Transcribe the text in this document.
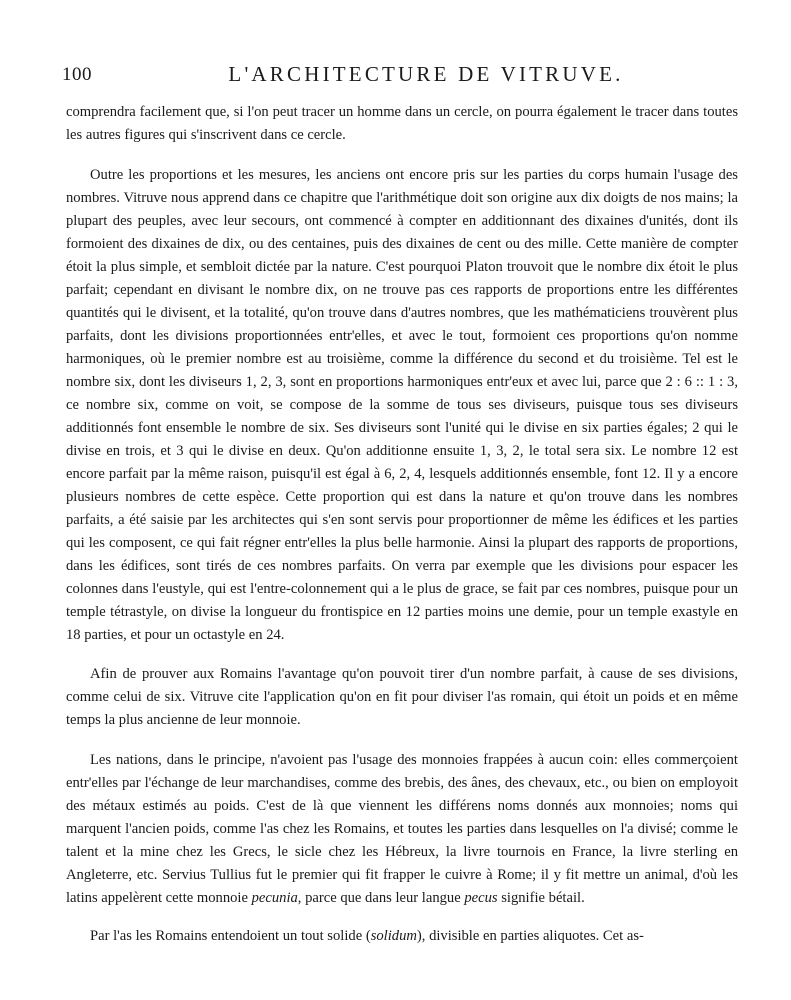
100	L'ARCHITECTURE DE VITRUVE.

comprendra facilement que, si l'on peut tracer un homme dans un cercle, on pourra également le tracer dans toutes les autres figures qui s'inscrivent dans ce cercle.

Outre les proportions et les mesures, les anciens ont encore pris sur les parties du corps humain l'usage des nombres. Vitruve nous apprend dans ce chapitre que l'arithmétique doit son origine aux dix doigts de nos mains; la plupart des peuples, avec leur secours, ont commencé à compter en additionnant des dixaines d'unités, dont ils formoient des dixaines de dix, ou des centaines, puis des dixaines de cent ou des mille. Cette manière de compter étoit la plus simple, et sembloit dictée par la nature. C'est pourquoi Platon trouvoit que le nombre dix étoit le plus parfait; cependant en divisant le nombre dix, on ne trouve pas ces rapports de proportions entre les différentes quantités qui le divisent, et la totalité, qu'on trouve dans d'autres nombres, que les mathématiciens trouvèrent plus parfaits, dont les divisions proportionnées entr'elles, et avec le tout, formoient ces proportions qu'on nomme harmoniques, où le premier nombre est au troisième, comme la différence du second et du troisième. Tel est le nombre six, dont les diviseurs 1, 2, 3, sont en proportions harmoniques entr'eux et avec lui, parce que 2 : 6 :: 1 : 3, ce nombre six, comme on voit, se compose de la somme de tous ses diviseurs, puisque tous ses diviseurs additionnés font ensemble le nombre de six. Ses diviseurs sont l'unité qui le divise en six parties égales; 2 qui le divise en trois, et 3 qui le divise en deux. Qu'on additionne ensuite 1, 3, 2, le total sera six. Le nombre 12 est encore parfait par la même raison, puisqu'il est égal à 6, 2, 4, lesquels additionnés ensemble, font 12. Il y a encore plusieurs nombres de cette espèce. Cette proportion qui est dans la nature et qu'on trouve dans les nombres parfaits, a été saisie par les architectes qui s'en sont servis pour proportionner de même les édifices et les parties qui les composent, ce qui fait régner entr'elles la plus belle harmonie. Ainsi la plupart des rapports de proportions, dans les édifices, sont tirés de ces nombres parfaits. On verra par exemple que les divisions pour espacer les colonnes dans l'eustyle, qui est l'entre-colonnement qui a le plus de grace, se fait par ces nombres, puisque pour un temple tétrastyle, on divise la longueur du frontispice en 12 parties moins une demie, pour un temple exastyle en 18 parties, et pour un octastyle en 24.

Afin de prouver aux Romains l'avantage qu'on pouvoit tirer d'un nombre parfait, à cause de ses divisions, comme celui de six. Vitruve cite l'application qu'on en fit pour diviser l'as romain, qui étoit un poids et en même temps la plus ancienne de leur monnoie.

Les nations, dans le principe, n'avoient pas l'usage des monnoies frappées à aucun coin: elles commerçoient entr'elles par l'échange de leur marchandises, comme des brebis, des ânes, des chevaux, etc., ou bien on employoit des métaux estimés au poids. C'est de là que viennent les différens noms donnés aux monnoies; noms qui marquent l'ancien poids, comme l'as chez les Romains, et toutes les parties dans lesquelles on l'a divisé; comme le talent et la mine chez les Grecs, le sicle chez les Hébreux, la livre tournois en France, la livre sterling en Angleterre, etc. Servius Tullius fut le premier qui fit frapper le cuivre à Rome; il y fit mettre un animal, d'où les latins appelèrent cette monnoie pecunia, parce que dans leur langue pecus signifie bétail.

Par l'as les Romains entendoient un tout solide (solidum), divisible en parties aliquotes. Cet as-
